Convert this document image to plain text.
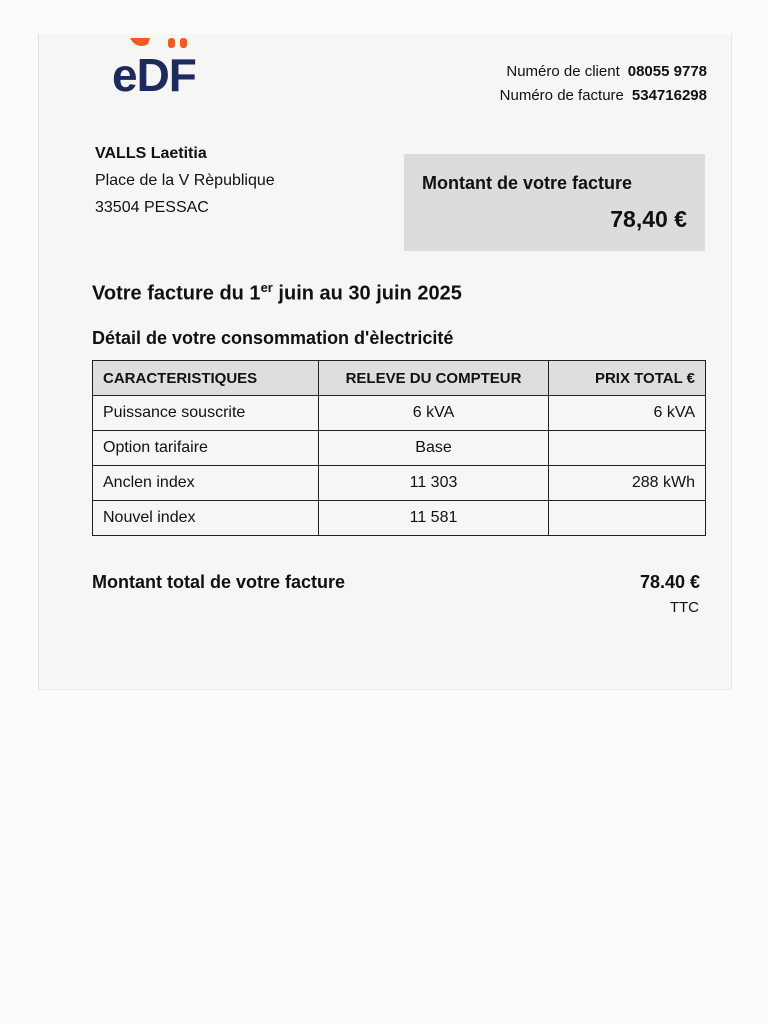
eDF	Numéro de client 08055 9778
Numéro de facture 534716298
VALLS Laetitia
Place de la V Rèpublique
33504 PESSAC
Montant de votre facture
78,40 €
Votre facture du 1er juin au 30 juin 2025
Détail de votre consommation d'èlectricité
CARACTERISTIQUES	RELEVE DU COMPTEUR	PRIX TOTAL €
Puissance souscrite	6 kVA	6 kVA
Option tarifaire	Base	
Anclen index	11 303	288 kWh
Nouvel index	11 581	
Montant total de votre facture	78.40 €
TTC
